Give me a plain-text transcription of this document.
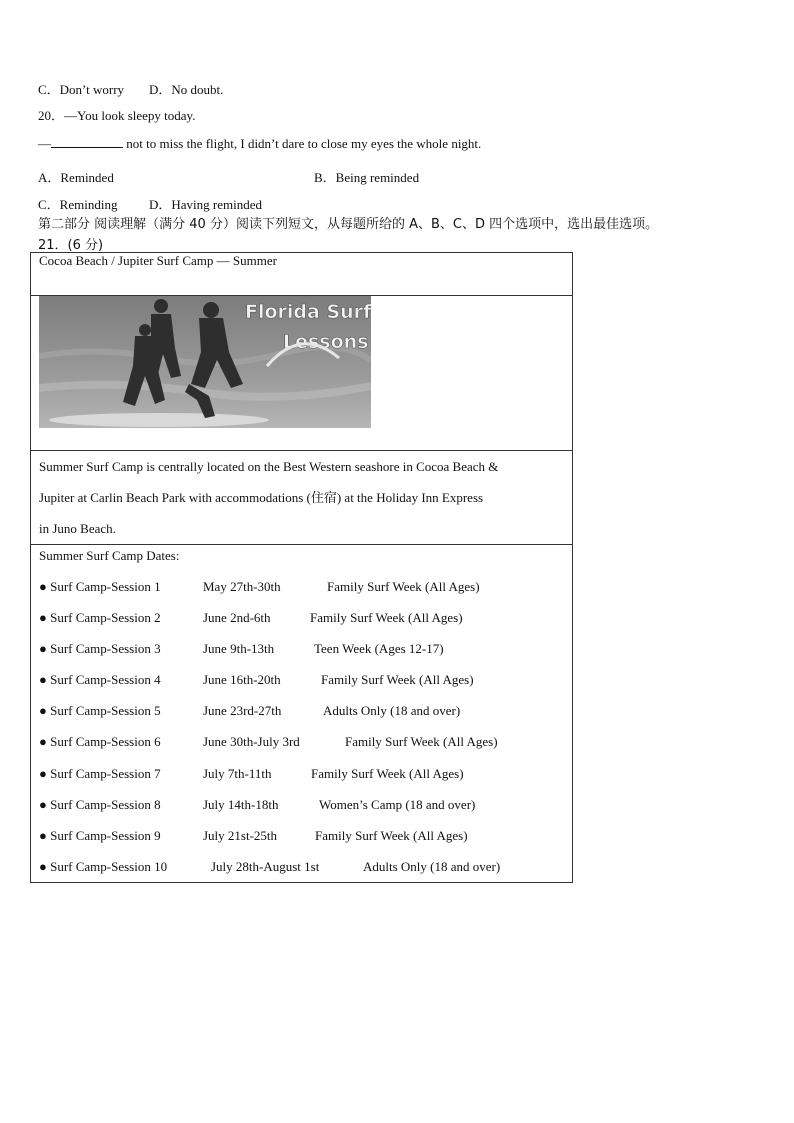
C．Don’t worry D．No doubt.
20．—You look sleepy today.
—	not to miss the flight, I didn’t dare to close my eyes the whole night.
A．Reminded	B．Being reminded
C．Reminding D．Having reminded
第二部分 阅读理解（满分 40 分）阅读下列短文，从每题所给的 A、B、C、D 四个选项中，选出最佳选项。
21．(6 分)
Cocoa Beach / Jupiter Surf Camp — Summer

Florida Surf
Lessons

Summer Surf Camp is centrally located on the Best Western seashore in Cocoa Beach &
Jupiter at Carlin Beach Park with accommodations (住宿) at the Holiday Inn Express
in Juno Beach.

Summer Surf Camp Dates:
● Surf Camp-Session 1	May 27th-30th	Family Surf Week (All Ages)
● Surf Camp-Session 2	June 2nd-6th	Family Surf Week (All Ages)
● Surf Camp-Session 3	June 9th-13th	Teen Week (Ages 12-17)
● Surf Camp-Session 4	June 16th-20th	Family Surf Week (All Ages)
● Surf Camp-Session 5	June 23rd-27th	Adults Only (18 and over)
● Surf Camp-Session 6	June 30th-July 3rd	Family Surf Week (All Ages)
● Surf Camp-Session 7	July 7th-11th	Family Surf Week (All Ages)
● Surf Camp-Session 8	July 14th-18th	Women’s Camp (18 and over)
● Surf Camp-Session 9	July 21st-25th	Family Surf Week (All Ages)
● Surf Camp-Session 10	July 28th-August 1st	Adults Only (18 and over)
